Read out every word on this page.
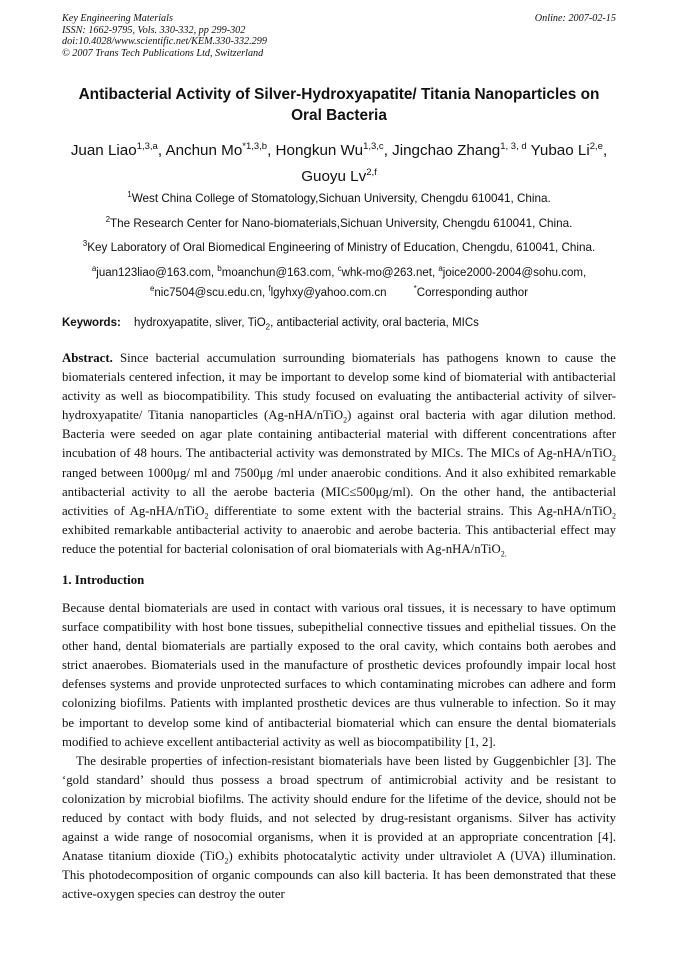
Key Engineering Materials
ISSN: 1662-9795, Vols. 330-332, pp 299-302
doi:10.4028/www.scientific.net/KEM.330-332.299
© 2007 Trans Tech Publications Ltd, Switzerland
Online: 2007-02-15
Antibacterial Activity of Silver-Hydroxyapatite/ Titania Nanoparticles on Oral Bacteria
Juan Liao$^{1,3,a}$, Anchun Mo$^{*1,3,b}$, Hongkun Wu$^{1,3,c}$, Jingchao Zhang$^{1, 3, d}$ Yubao Li$^{2,e}$, Guoyu Lv$^{2,f}$
$^1$West China College of Stomatology,Sichuan University, Chengdu 610041, China.
$^2$The Research Center for Nano-biomaterials,Sichuan University, Chengdu 610041, China.
$^3$Key Laboratory of Oral Biomedical Engineering of Ministry of Education, Chengdu, 610041, China.
$^a$juan123liao@163.com, $^b$moanchun@163.com, $^c$whk-mo@263.net, $^a$joice2000-2004@sohu.com,
$^e$nic7504@scu.edu.cn, $^f$lgyhxy@yahoo.com.cn	*Corresponding author
Keywords: hydroxyapatite, sliver, TiO$_2$, antibacterial activity, oral bacteria, MICs

Abstract. Since bacterial accumulation surrounding biomaterials has pathogens known to cause the biomaterials centered infection, it may be important to develop some kind of biomaterial with antibacterial activity as well as biocompatibility. This study focused on evaluating the antibacterial activity of silver-hydroxyapatite/ Titania nanoparticles (Ag-nHA/nTiO$_2$) against oral bacteria with agar dilution method. Bacteria were seeded on agar plate containing antibacterial material with different concentrations after incubation of 48 hours. The antibacterial activity was demonstrated by MICs. The MICs of Ag-nHA/nTiO$_2$ ranged between 1000μg/ ml and 7500μg /ml under anaerobic conditions. And it also exhibited remarkable antibacterial activity to all the aerobe bacteria (MIC≤500μg/ml). On the other hand, the antibacterial activities of Ag-nHA/nTiO$_2$ differentiate to some extent with the bacterial strains. This Ag-nHA/nTiO$_2$ exhibited remarkable antibacterial activity to anaerobic and aerobe bacteria. This antibacterial effect may reduce the potential for bacterial colonisation of oral biomaterials with Ag-nHA/nTiO$_{2.}$

1. Introduction

Because dental biomaterials are used in contact with various oral tissues, it is necessary to have optimum surface compatibility with host bone tissues, subepithelial connective tissues and epithelial tissues. On the other hand, dental biomaterials are partially exposed to the oral cavity, which contains both aerobes and strict anaerobes. Biomaterials used in the manufacture of prosthetic devices profoundly impair local host defenses systems and provide unprotected surfaces to which contaminating microbes can adhere and form colonizing biofilms. Patients with implanted prosthetic devices are thus vulnerable to infection. So it may be important to develop some kind of antibacterial biomaterial which can ensure the dental biomaterials modified to achieve excellent antibacterial activity as well as biocompatibility [1, 2].

The desirable properties of infection-resistant biomaterials have been listed by Guggenbichler [3]. The ‘gold standard’ should thus possess a broad spectrum of antimicrobial activity and be resistant to colonization by microbial biofilms. The activity should endure for the lifetime of the device, should not be reduced by contact with body fluids, and not selected by drug-resistant organisms. Silver has activity against a wide range of nosocomial organisms, when it is provided at an appropriate concentration [4]. Anatase titanium dioxide (TiO$_2$) exhibits photocatalytic activity under ultraviolet A (UVA) illumination. This photodecomposition of organic compounds can also kill bacteria. It has been demonstrated that these active-oxygen species can destroy the outer
